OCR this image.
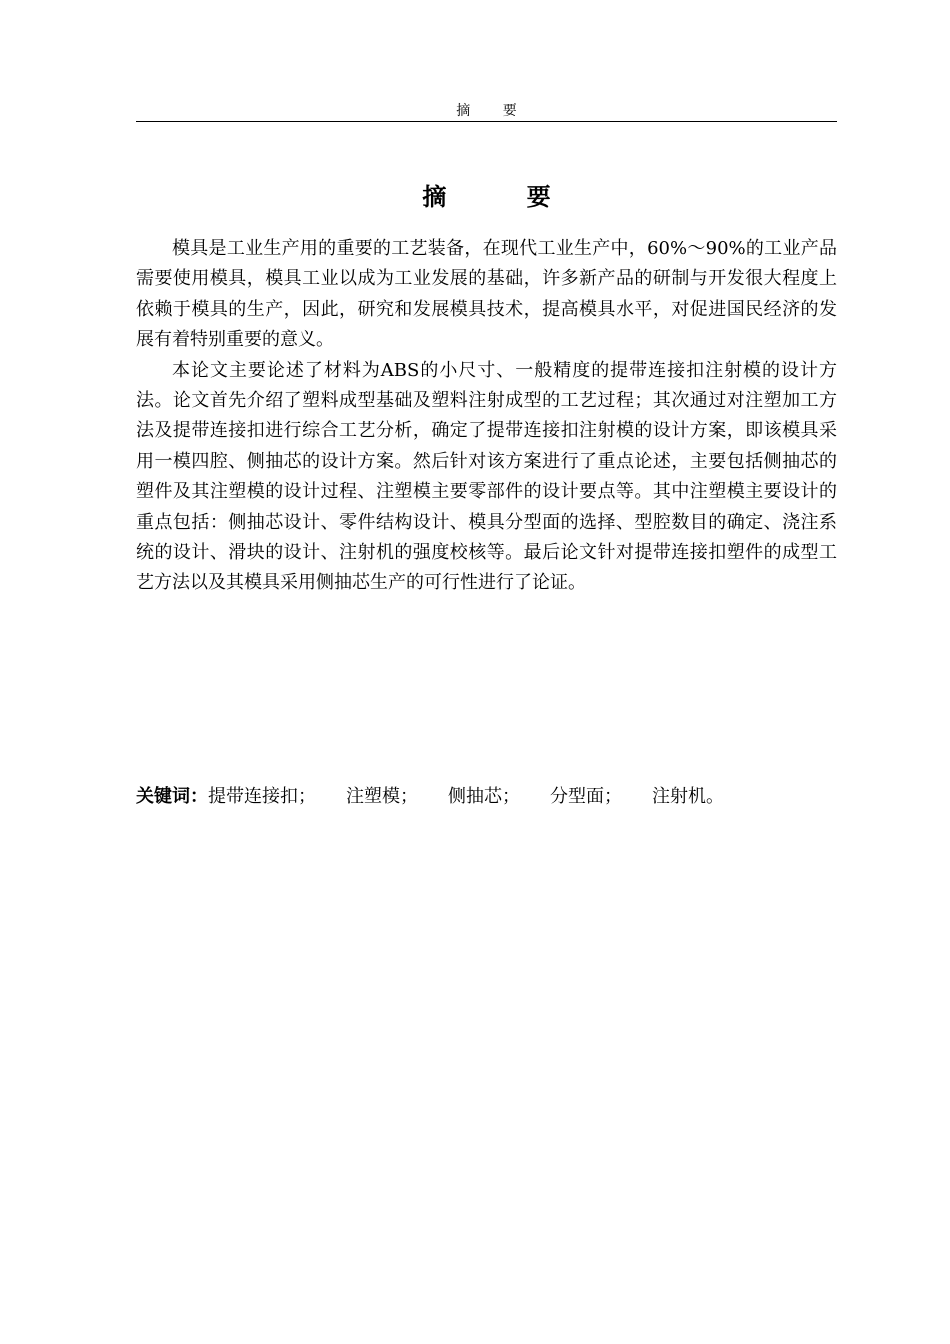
摘 要
摘 要

模具是工业生产用的重要的工艺装备，在现代工业生产中，60%～90%的工业产品需要使用模具，模具工业以成为工业发展的基础，许多新产品的研制与开发很大程度上依赖于模具的生产，因此，研究和发展模具技术，提高模具水平，对促进国民经济的发展有着特别重要的意义。

本论文主要论述了材料为ABS的小尺寸、一般精度的提带连接扣注射模的设计方法。论文首先介绍了塑料成型基础及塑料注射成型的工艺过程；其次通过对注塑加工方法及提带连接扣进行综合工艺分析，确定了提带连接扣注射模的设计方案，即该模具采用一模四腔、侧抽芯的设计方案。然后针对该方案进行了重点论述，主要包括侧抽芯的塑件及其注塑模的设计过程、注塑模主要零部件的设计要点等。其中注塑模主要设计的重点包括：侧抽芯设计、零件结构设计、模具分型面的选择、型腔数目的确定、浇注系统的设计、滑块的设计、注射机的强度校核等。最后论文针对提带连接扣塑件的成型工艺方法以及其模具采用侧抽芯生产的可行性进行了论证。

关键词：提带连接扣； 注塑模； 侧抽芯； 分型面； 注射机。
